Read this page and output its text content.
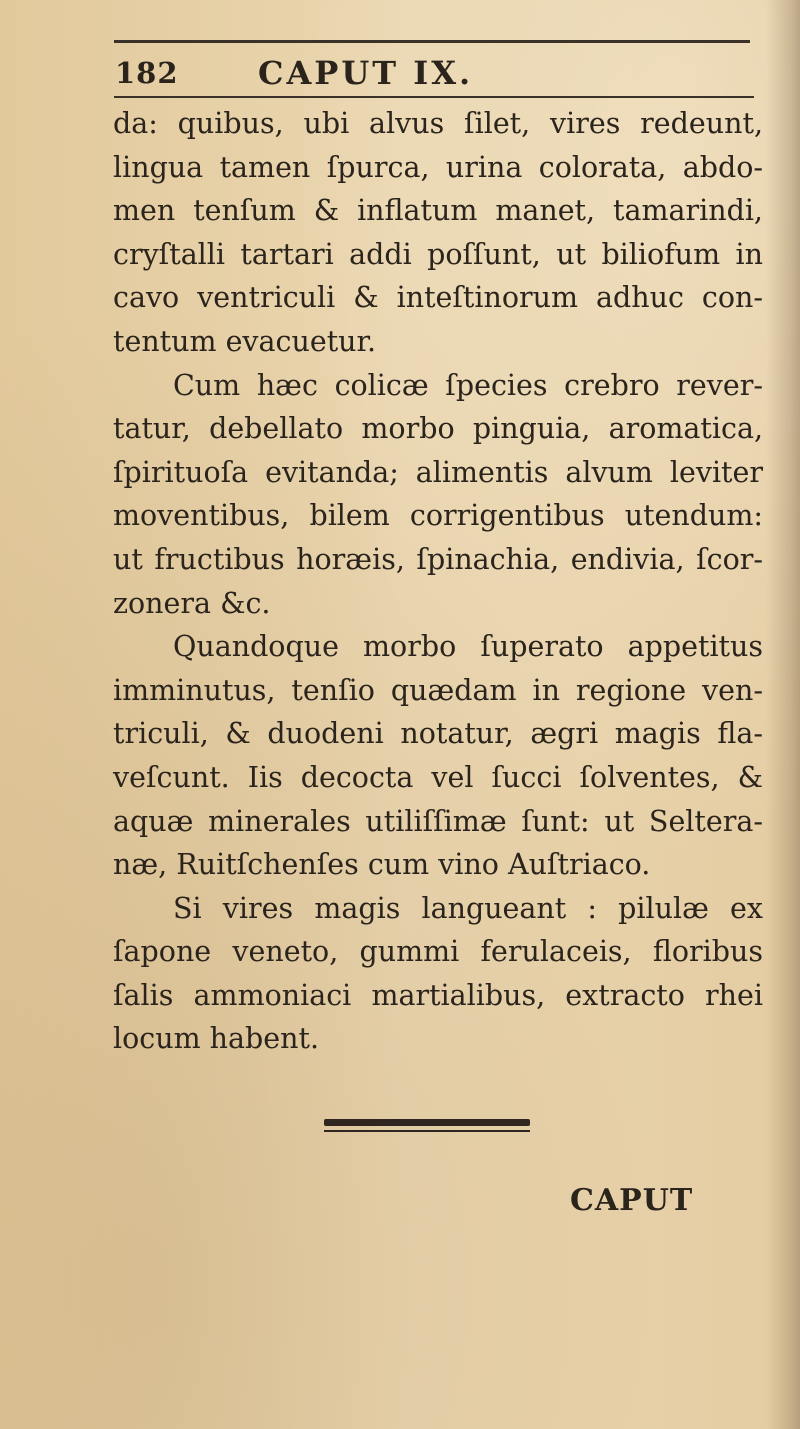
182 CAPUT IX.
da: quibus, ubi alvus ſilet, vires redeunt,
lingua tamen ſpurca, urina colorata, abdo-
men tenſum & inflatum manet, tamarindi,
cryſtalli tartari addi poſſunt, ut biliofum in
cavo ventriculi & inteſtinorum adhuc con-
tentum evacuetur.
Cum hæc colicæ ſpecies crebro rever-
tatur, debellato morbo pinguia, aromatica,
ſpirituoſa evitanda; alimentis alvum leviter
moventibus, bilem corrigentibus utendum:
ut fructibus horæis, ſpinachia, endivia, ſcor-
zonera &c.
Quandoque morbo ſuperato appetitus
imminutus, tenſio quædam in regione ven-
triculi, & duodeni notatur, ægri magis fla-
veſcunt. Iis decocta vel ſucci ſolventes, &
aquæ minerales utiliſſimæ ſunt: ut Seltera-
næ, Ruitſchenſes cum vino Auſtriaco.
Si vires magis langueant : pilulæ ex
ſapone veneto, gummi ferulaceis, floribus
ſalis ammoniaci martialibus, extracto rhei
locum habent.
CAPUT
